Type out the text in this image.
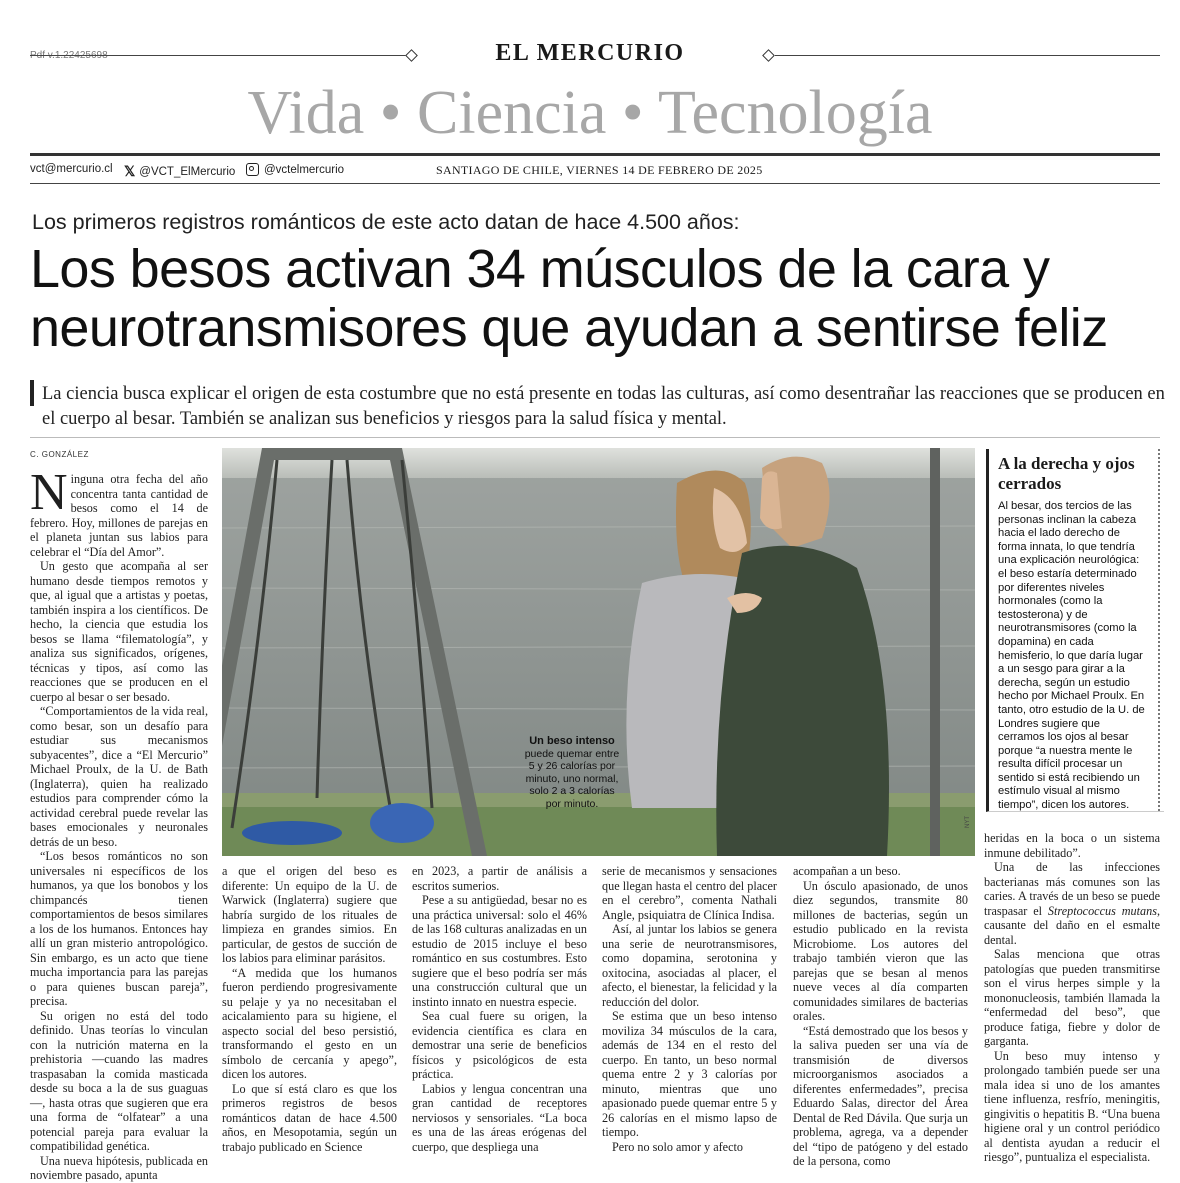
EL MERCURIO
Vida • Ciencia • Tecnología
vct@mercurio.cl 𝕏 @VCT_ElMercurio @vctelmercurio	SANTIAGO DE CHILE, VIERNES 14 DE FEBRERO DE 2025
Los primeros registros románticos de este acto datan de hace 4.500 años:
Los besos activan 34 músculos de la cara y neurotransmisores que ayudan a sentirse feliz
La ciencia busca explicar el origen de esta costumbre que no está presente en todas las culturas, así como desentrañar las reacciones que se producen en el cuerpo al besar. También se analizan sus beneficios y riesgos para la salud física y mental.
C. GONZÁLEZ

Ninguna otra fecha del año concentra tanta cantidad de besos como el 14 de febrero. Hoy, millones de parejas en el planeta juntan sus labios para celebrar el “Día del Amor”.

Un gesto que acompaña al ser humano desde tiempos remotos y que, al igual que a artistas y poetas, también inspira a los científicos. De hecho, la ciencia que estudia los besos se llama “filematología”, y analiza sus significados, orígenes, técnicas y tipos, así como las reacciones que se producen en el cuerpo al besar o ser besado.

“Comportamientos de la vida real, como besar, son un desafío para estudiar sus mecanismos subyacentes”, dice a “El Mercurio” Michael Proulx, de la U. de Bath (Inglaterra), quien ha realizado estudios para comprender cómo la actividad cerebral puede revelar las bases emocionales y neuronales detrás de un beso.

“Los besos románticos no son universales ni específicos de los humanos, ya que los bonobos y los chimpancés tienen comportamientos de besos similares a los de los humanos. Entonces hay allí un gran misterio antropológico. Sin embargo, es un acto que tiene mucha importancia para las parejas o para quienes buscan pareja”, precisa.

Su origen no está del todo definido. Unas teorías lo vinculan con la nutrición materna en la prehistoria —cuando las madres traspasaban la comida masticada desde su boca a la de sus guaguas—, hasta otras que sugieren que era una forma de “olfatear” a una potencial pareja para evaluar la compatibilidad genética.

Una nueva hipótesis, publicada en noviembre pasado, apunta

Un beso intenso
puede quemar entre 5 y 26 calorías por minuto, uno normal, solo 2 a 3 calorías por minuto.
NYT

a que el origen del beso es diferente: Un equipo de la U. de Warwick (Inglaterra) sugiere que habría surgido de los rituales de limpieza en grandes simios. En particular, de gestos de succión de los labios para eliminar parásitos.

“A medida que los humanos fueron perdiendo progresivamente su pelaje y ya no necesitaban el acicalamiento para su higiene, el aspecto social del beso persistió, transformando el gesto en un símbolo de cercanía y apego”, dicen los autores.

Lo que sí está claro es que los primeros registros de besos románticos datan de hace 4.500 años, en Mesopotamia, según un trabajo publicado en Science

en 2023, a partir de análisis a escritos sumerios.

Pese a su antigüedad, besar no es una práctica universal: solo el 46% de las 168 culturas analizadas en un estudio de 2015 incluye el beso romántico en sus costumbres. Esto sugiere que el beso podría ser más una construcción cultural que un instinto innato en nuestra especie.

Sea cual fuere su origen, la evidencia científica es clara en demostrar una serie de beneficios físicos y psicológicos de esta práctica.

Labios y lengua concentran una gran cantidad de receptores nerviosos y sensoriales. “La boca es una de las áreas erógenas del cuerpo, que despliega una

serie de mecanismos y sensaciones que llegan hasta el centro del placer en el cerebro”, comenta Nathali Angle, psiquiatra de Clínica Indisa.

Así, al juntar los labios se genera una serie de neurotransmisores, como dopamina, serotonina y oxitocina, asociadas al placer, el afecto, el bienestar, la felicidad y la reducción del dolor.

Se estima que un beso intenso moviliza 34 músculos de la cara, además de 134 en el resto del cuerpo. En tanto, un beso normal quema entre 2 y 3 calorías por minuto, mientras que uno apasionado puede quemar entre 5 y 26 calorías en el mismo lapso de tiempo.

Pero no solo amor y afecto

acompañan a un beso.

Un ósculo apasionado, de unos diez segundos, transmite 80 millones de bacterias, según un estudio publicado en la revista Microbiome. Los autores del trabajo también vieron que las parejas que se besan al menos nueve veces al día comparten comunidades similares de bacterias orales.

“Está demostrado que los besos y la saliva pueden ser una vía de transmisión de diversos microorganismos asociados a diferentes enfermedades”, precisa Eduardo Salas, director del Área Dental de Red Dávila. Que surja un problema, agrega, va a depender del “tipo de patógeno y del estado de la persona, como

A la derecha y ojos cerrados
Al besar, dos tercios de las personas inclinan la cabeza hacia el lado derecho de forma innata, lo que tendría una explicación neurológica: el beso estaría determinado por diferentes niveles hormonales (como la testosterona) y de neurotransmisores (como la dopamina) en cada hemisferio, lo que daría lugar a un sesgo para girar a la derecha, según un estudio hecho por Michael Proulx. En tanto, otro estudio de la U. de Londres sugiere que cerramos los ojos al besar porque “a nuestra mente le resulta difícil procesar un sentido si está recibiendo un estímulo visual al mismo tiempo”, dicen los autores.

heridas en la boca o un sistema inmune debilitado”.

Una de las infecciones bacterianas más comunes son las caries. A través de un beso se puede traspasar el Streptococcus mutans, causante del daño en el esmalte dental.

Salas menciona que otras patologías que pueden transmitirse son el virus herpes simple y la mononucleosis, también llamada la “enfermedad del beso”, que produce fatiga, fiebre y dolor de garganta.

Un beso muy intenso y prolongado también puede ser una mala idea si uno de los amantes tiene influenza, resfrío, meningitis, gingivitis o hepatitis B. “Una buena higiene oral y un control periódico al dentista ayudan a reducir el riesgo”, puntualiza el especialista.
